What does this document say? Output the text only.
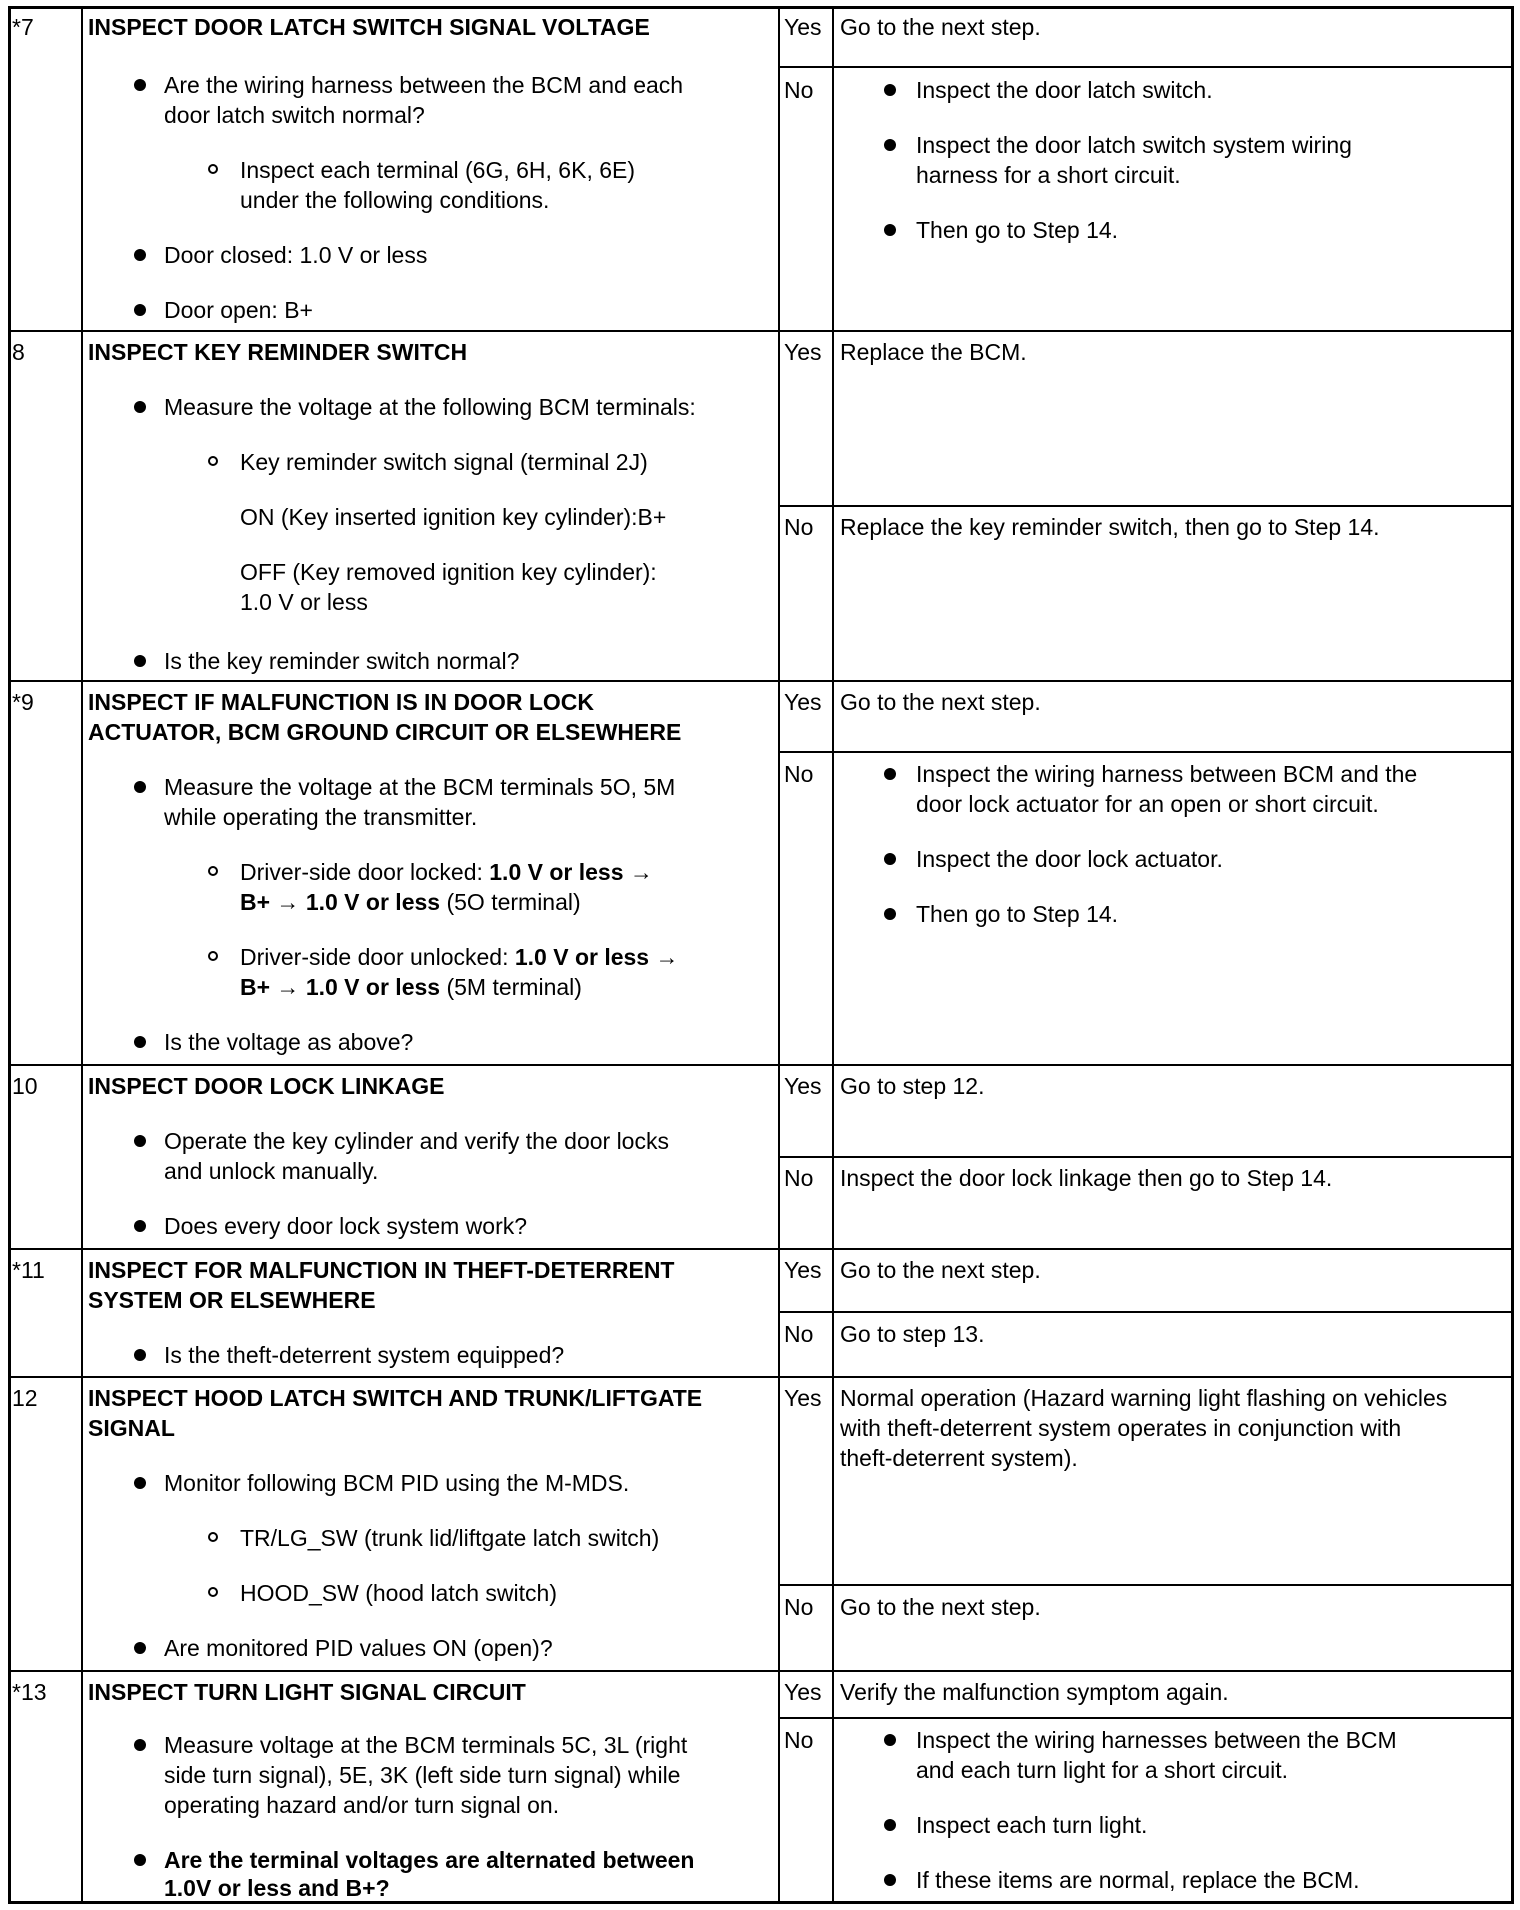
*7 INSPECT DOOR LATCH SWITCH SIGNAL VOLTAGE
Are the wiring harness between the BCM and each
door latch switch normal?
Inspect each terminal (6G, 6H, 6K, 6E)
under the following conditions.
Door closed: 1.0 V or less
Door open: B+
Yes Go to the next step.
No	Inspect the door latch switch.
Inspect the door latch switch system wiring
harness for a short circuit.
Then go to Step 14.
8	INSPECT KEY REMINDER SWITCH
Measure the voltage at the following BCM terminals:
Key reminder switch signal (terminal 2J)
ON (Key inserted ignition key cylinder):B+
OFF (Key removed ignition key cylinder):
1.0 V or less
Is the key reminder switch normal?
Yes Replace the BCM.
No Replace the key reminder switch, then go to Step 14.
*9 INSPECT IF MALFUNCTION IS IN DOOR LOCK
ACTUATOR, BCM GROUND CIRCUIT OR ELSEWHERE
Measure the voltage at the BCM terminals 5O, 5M
while operating the transmitter.
Driver-side door locked: 1.0 V or less →
B+ → 1.0 V or less (5O terminal)
Driver-side door unlocked: 1.0 V or less →
B+ → 1.0 V or less (5M terminal)
Is the voltage as above?
Yes Go to the next step.
No	Inspect the wiring harness between BCM and the
door lock actuator for an open or short circuit.
Inspect the door lock actuator.
Then go to Step 14.
10 INSPECT DOOR LOCK LINKAGE
Operate the key cylinder and verify the door locks
and unlock manually.
Does every door lock system work?
Yes Go to step 12.
No Inspect the door lock linkage then go to Step 14.
*11 INSPECT FOR MALFUNCTION IN THEFT-DETERRENT
SYSTEM OR ELSEWHERE
Is the theft-deterrent system equipped?
Yes Go to the next step.
No Go to step 13.
12 INSPECT HOOD LATCH SWITCH AND TRUNK/LIFTGATE
SIGNAL
Monitor following BCM PID using the M-MDS.
TR/LG_SW (trunk lid/liftgate latch switch)
HOOD_SW (hood latch switch)
Are monitored PID values ON (open)?
Yes Normal operation (Hazard warning light flashing on vehicles
with theft-deterrent system operates in conjunction with
theft-deterrent system).
No Go to the next step.
*13 INSPECT TURN LIGHT SIGNAL CIRCUIT
Measure voltage at the BCM terminals 5C, 3L (right
side turn signal), 5E, 3K (left side turn signal) while
operating hazard and/or turn signal on.
Are the terminal voltages are alternated between
1.0V or less and B+?
Yes Verify the malfunction symptom again.
No	Inspect the wiring harnesses between the BCM
and each turn light for a short circuit.
Inspect each turn light.
If these items are normal, replace the BCM.
